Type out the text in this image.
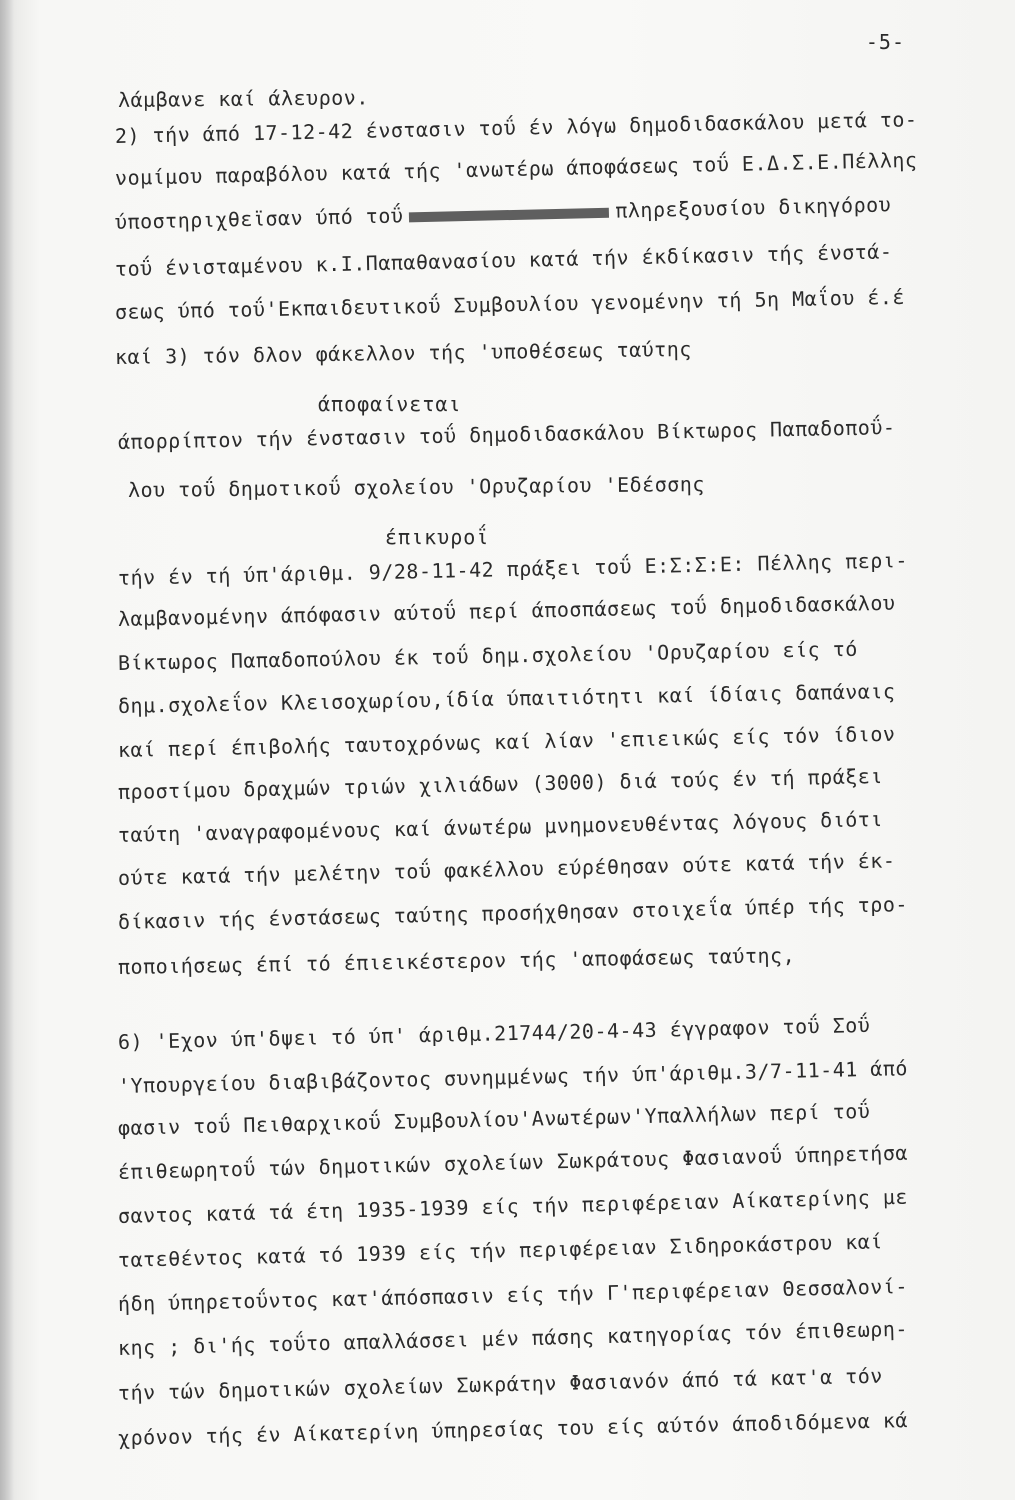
-5-
λάμβανε καί άλευρον.
2) τήν άπό 17-12-42 ένστασιν τοΰ έν λόγω δημοδιδασκάλου μετά το-
νομίμου παραβόλου κατά τής 'ανωτέρω άποφάσεως τοΰ Ε.Δ.Σ.Ε.Πέλλης
ύποστηριχθεϊσαν ύπό τοΰ	πληρεξουσίου δικηγόρου
τοΰ ένισταμένου κ.Ι.Παπαθανασίου κατά τήν έκδίκασιν τής ένστά-
σεως ύπό τοΰ'Εκπαιδευτικοΰ Συμβουλίου γενομένην τή 5η Μαΐου έ.έ
καί 3) τόν δλον φάκελλον τής 'υποθέσεως ταύτης
άποφαίνεται
άπορρίπτον τήν ένστασιν τοΰ δημοδιδασκάλου Βίκτωρος Παπαδοποΰ-
λου τοΰ δημοτικοΰ σχολείου 'Ορυζαρίου 'Εδέσσης
έπικυροΐ
τήν έν τή ύπ'άριθμ. 9/28-11-42 πράξει τοΰ Ε:Σ:Σ:Ε: Πέλλης περι-
λαμβανομένην άπόφασιν αύτοΰ περί άποσπάσεως τοΰ δημοδιδασκάλου
Βίκτωρος Παπαδοπούλου έκ τοΰ δημ.σχολείου 'Ορυζαρίου είς τό
δημ.σχολεΐον Κλεισοχωρίου,ίδία ύπαιτιότητι καί ίδίαις δαπάναις
καί περί έπιβολής ταυτοχρόνως καί λίαν 'επιεικώς είς τόν ίδιον
προστίμου δραχμών τριών χιλιάδων (3000) διά τούς έν τή πράξει
ταύτη 'αναγραφομένους καί άνωτέρω μνημονευθέντας λόγους διότι
ούτε κατά τήν μελέτην τοΰ φακέλλου εύρέθησαν ούτε κατά τήν έκ-
δίκασιν τής ένστάσεως ταύτης προσήχθησαν στοιχεΐα ύπέρ τής τρο-
ποποιήσεως έπί τό έπιεικέστερον τής 'αποφάσεως ταύτης,
6) 'Εχον ύπ'δψει τό ύπ' άριθμ.21744/20-4-43 έγγραφον τοΰ Σοΰ
'Υπουργείου διαβιβάζοντος συνημμένως τήν ύπ'άριθμ.3/7-11-41 άπό
φασιν τοΰ Πειθαρχικοΰ Συμβουλίου'Ανωτέρων'Υπαλλήλων περί τοΰ
έπιθεωρητοΰ τών δημοτικών σχολείων Σωκράτους Φασιανοΰ ύπηρετήσα
σαντος κατά τά έτη 1935-1939 είς τήν περιφέρειαν Αίκατερίνης με
τατεθέντος κατά τό 1939 είς τήν περιφέρειαν Σιδηροκάστρου καί
ήδη ύπηρετοΰντος κατ'άπόσπασιν είς τήν Γ'περιφέρειαν Θεσσαλονί-
κης ; δι'ής τοΰτο απαλλάσσει μέν πάσης κατηγορίας τόν έπιθεωρη-
τήν τών δημοτικών σχολείων Σωκράτην Φασιανόν άπό τά κατ'α τόν
χρόνον τής έν Αίκατερίνη ύπηρεσίας του είς αύτόν άποδιδόμενα κά
